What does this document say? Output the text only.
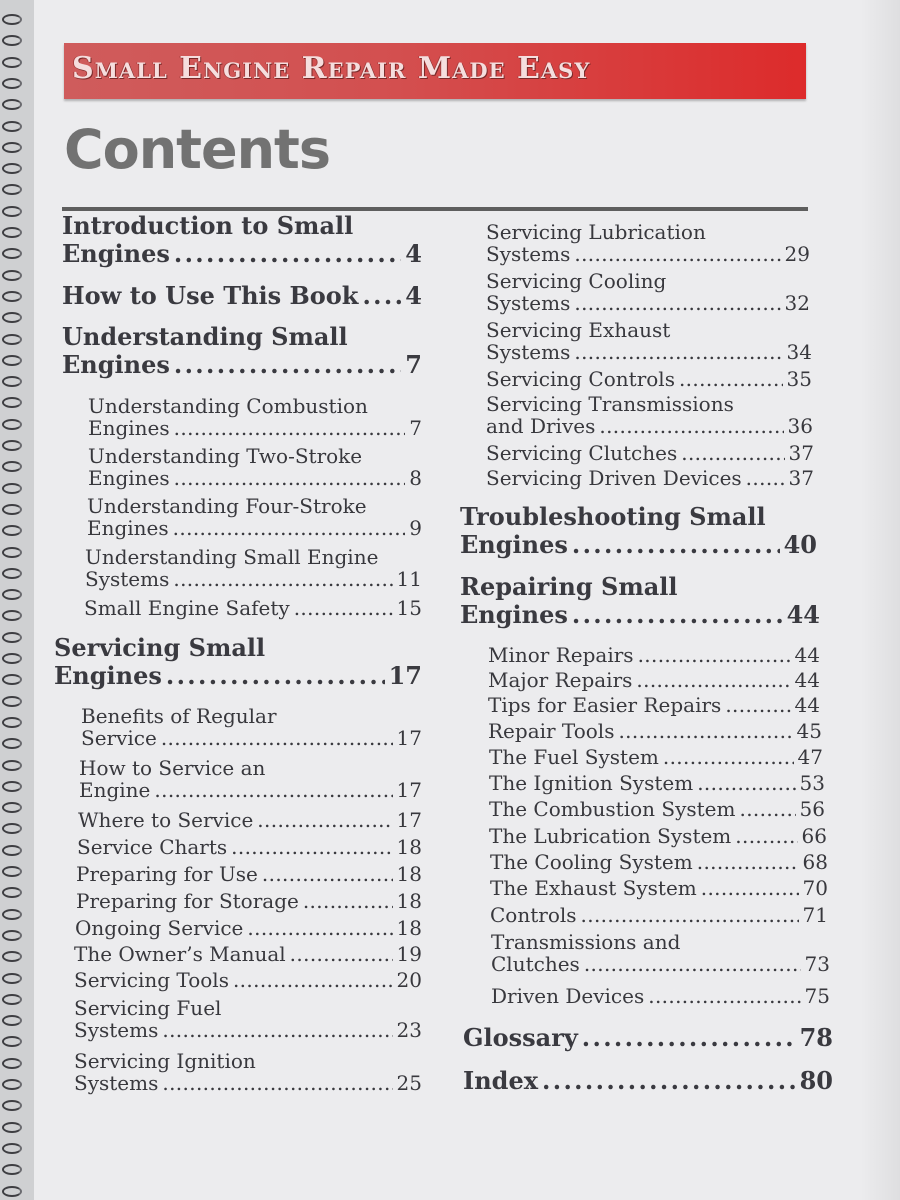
Small Engine Repair Made Easy
Contents
Introduction to Small
Engines . . .	4
How to Use This Book . . . 4
Understanding Small
Engines . . .	7
Understanding Combustion
Engines . . .	7
Understanding Two-Stroke
Engines . . .	8
Understanding Four-Stroke
Engines . . .	9
Understanding Small Engine
Systems . . .	11
Small Engine Safety . . .	15
Servicing Small
Engines . . .	17
Benefits of Regular
Service . . .	17
How to Service an
Engine . . .	17
Where to Service . . .	17
Service Charts . . .	18
Preparing for Use . . .	18
Preparing for Storage . . .	18
Ongoing Service . . .	18
The Owner’s Manual . . .	19
Servicing Tools . . .	20
Servicing Fuel
Systems . . .	23
Servicing Ignition
Systems . . .	25
Servicing Lubrication
Systems . . .	29
Servicing Cooling
Systems . . .	32
Servicing Exhaust
Systems . . .	34
Servicing Controls . . .	35
Servicing Transmissions
and Drives . . .	36
Servicing Clutches . . .	37
Servicing Driven Devices . . . 37
Troubleshooting Small
Engines . . .	40
Repairing Small
Engines . . .	44
Minor Repairs . . .	44
Major Repairs . . .	44
Tips for Easier Repairs . . .	44
Repair Tools . . .	45
The Fuel System . . .	47
The Ignition System . . .	53
The Combustion System . . .	56
The Lubrication System . . .	66
The Cooling System . . .	68
The Exhaust System . . .	70
Controls . . .	71
Transmissions and
Clutches . . .	73
Driven Devices . . .	75
Glossary . . .	78
Index . . .	80
